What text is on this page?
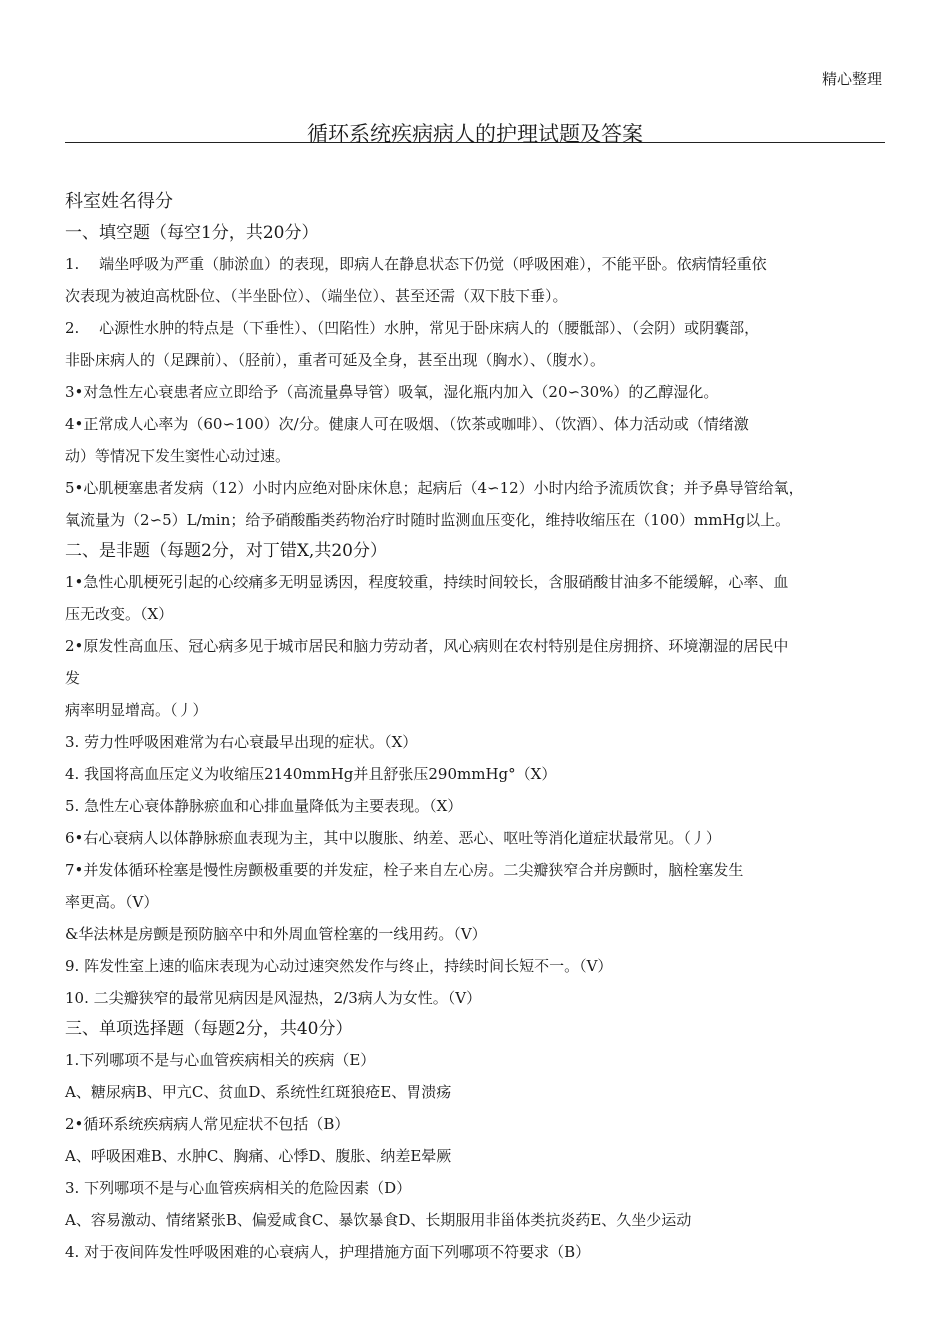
精心整理
循环系统疾病病人的护理试题及答案

科室姓名得分

一、填空题（每空1分，共20分）

1.　 端坐呼吸为严重（肺淤血）的表现，即病人在静息状态下仍觉（呼吸困难），不能平卧。依病情轻重依

次表现为被迫高枕卧位、（半坐卧位）、（端坐位）、甚至还需（双下肢下垂）。

2.　 心源性水肿的特点是（下垂性）、（凹陷性）水肿，常见于卧床病人的（腰骶部）、（会阴）或阴囊部，

非卧床病人的（足踝前）、（胫前），重者可延及全身，甚至出现（胸水）、（腹水）。

3•对急性左心衰患者应立即给予（高流量鼻导管）吸氧，湿化瓶内加入（20∽30%）的乙醇湿化。

4•正常成人心率为（60∽100）次/分。健康人可在吸烟、（饮茶或咖啡）、（饮酒）、体力活动或（情绪激

动）等情况下发生窦性心动过速。

5•心肌梗塞患者发病（12）小时内应绝对卧床休息；起病后（4∽12）小时内给予流质饮食；并予鼻导管给氧，

氧流量为（2∽5）L/min；给予硝酸酯类药物治疗时随时监测血压变化，维持收缩压在（100）mmHg以上。

二、是非题（每题2分，对丁错X,共20分）

1•急性心肌梗死引起的心绞痛多无明显诱因，程度较重，持续时间较长，含服硝酸甘油多不能缓解，心率、血

压无改变。（X）

2•原发性高血压、冠心病多见于城市居民和脑力劳动者，风心病则在农村特别是住房拥挤、环境潮湿的居民中

发

病率明显增高。（丿）

3. 劳力性呼吸困难常为右心衰最早出现的症状。（X）

4. 我国将高血压定义为收缩压2140mmHg并且舒张压290mmHg°（X）

5. 急性左心衰体静脉瘀血和心排血量降低为主要表现。（X）

6•右心衰病人以体静脉瘀血表现为主，其中以腹胀、纳差、恶心、呕吐等消化道症状最常见。（丿）

7•并发体循环栓塞是慢性房颤极重要的并发症，栓子来自左心房。二尖瓣狭窄合并房颤时，脑栓塞发生

率更高。（V）

&华法林是房颤是预防脑卒中和外周血管栓塞的一线用药。（V）

9. 阵发性室上速的临床表现为心动过速突然发作与终止，持续时间长短不一。（V）

10. 二尖瓣狭窄的最常见病因是风湿热，2/3病人为女性。（V）

三、单项选择题（每题2分，共40分）

1.下列哪项不是与心血管疾病相关的疾病（E）

A、糖尿病B、甲亢C、贫血D、系统性红斑狼疮E、胃溃疡

2•循环系统疾病病人常见症状不包括（B）

A、呼吸困难B、水肿C、胸痛、心悸D、腹胀、纳差E晕厥

3. 下列哪项不是与心血管疾病相关的危险因素（D）

A、容易激动、情绪紧张B、偏爱咸食C、暴饮暴食D、长期服用非甾体类抗炎药E、久坐少运动

4. 对于夜间阵发性呼吸困难的心衰病人，护理措施方面下列哪项不符要求（B）
